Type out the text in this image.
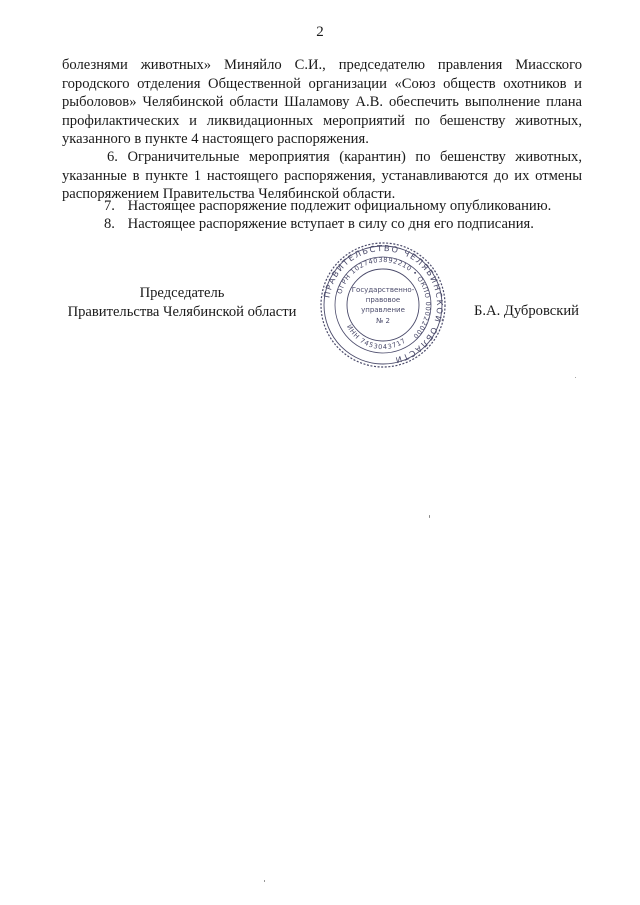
2
болезнями животных» Миняйло С.И., председателю правления Миасского городского отделения Общественной организации «Союз обществ охотников и рыболовов» Челябинской области Шаламову А.В. обеспечить выполнение плана профилактических и ликвидационных мероприятий по бешенству животных, указанного в пункте 4 настоящего распоряжения.
6. Ограничительные мероприятия (карантин) по бешенству животных, указанные в пункте 1 настоящего распоряжения, устанавливаются до их отмены распоряжением Правительства Челябинской области.
7. Настоящее распоряжение подлежит официальному опубликованию.
8. Настоящее распоряжение вступает в силу со дня его подписания.
Председатель
Правительства Челябинской области
ПРАВИТЕЛЬСТВО ЧЕЛЯБИНСКОЙ ОБЛАСТИ
ОГРН 1027403892210 • ОКПО 00022000
ИНН 7453043717
Государственно-
правовое
управление
№ 2
Б.А. Дубровский
